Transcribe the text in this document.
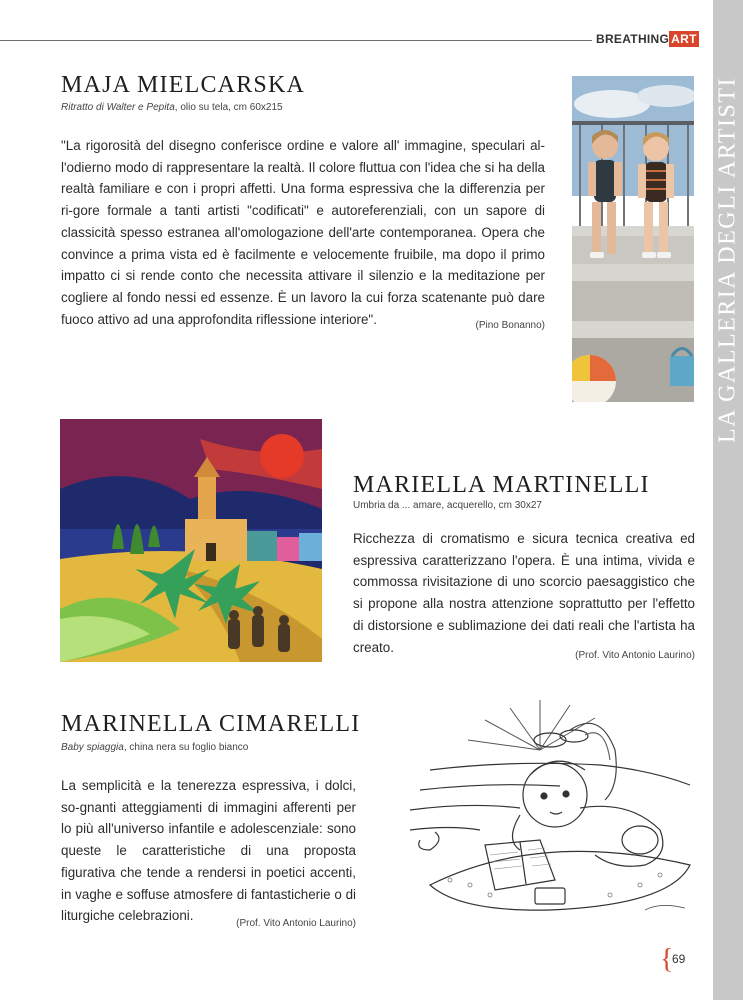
BREATHING ART
LA GALLERIA DEGLI ARTISTI
MAJA MIELCARSKA
Ritratto di Walter e Pepita, olio su tela, cm 60x215
"La rigorosità del disegno conferisce ordine e valore all' immagine, speculari al-l'odierno modo di rappresentare la realtà. Il colore fluttua con l'idea che si ha della realtà familiare e con i propri affetti. Una forma espressiva che la differenzia per ri-gore formale a tanti artisti "codificati" e autoreferenziali, con un sapore di classicità spesso estranea all'omologazione dell'arte contemporanea. Opera che convince a prima vista ed è facilmente e velocemente fruibile, ma dopo il primo impatto ci si rende conto che necessita attivare il silenzio e la meditazione per cogliere al fondo nessi ed essenze. È un lavoro la cui forza scatenante può dare fuoco attivo ad una approfondita riflessione interiore".	(Pino Bonanno)
MARIELLA MARTINELLI
Umbria da ... amare, acquerello, cm 30x27
Ricchezza di cromatismo e sicura tecnica creativa ed espressiva caratterizzano l'opera. È una intima, vivida e commossa rivisitazione di uno scorcio paesaggistico che si propone alla nostra attenzione soprattutto per l'effetto di distorsione e sublimazione dei dati reali che l'artista ha creato.
(Prof. Vito Antonio Laurino)
MARINELLA CIMARELLI
Baby spiaggia, china nera su foglio bianco
La semplicità e la tenerezza espressiva, i dolci, so-gnanti atteggiamenti di immagini afferenti per lo più all'universo infantile e adolescenziale: sono queste le caratteristiche di una proposta figurativa che tende a rendersi in poetici accenti, in vaghe e soffuse atmosfere di fantasticherie o di liturgiche celebrazioni.
(Prof. Vito Antonio Laurino)
{
69
